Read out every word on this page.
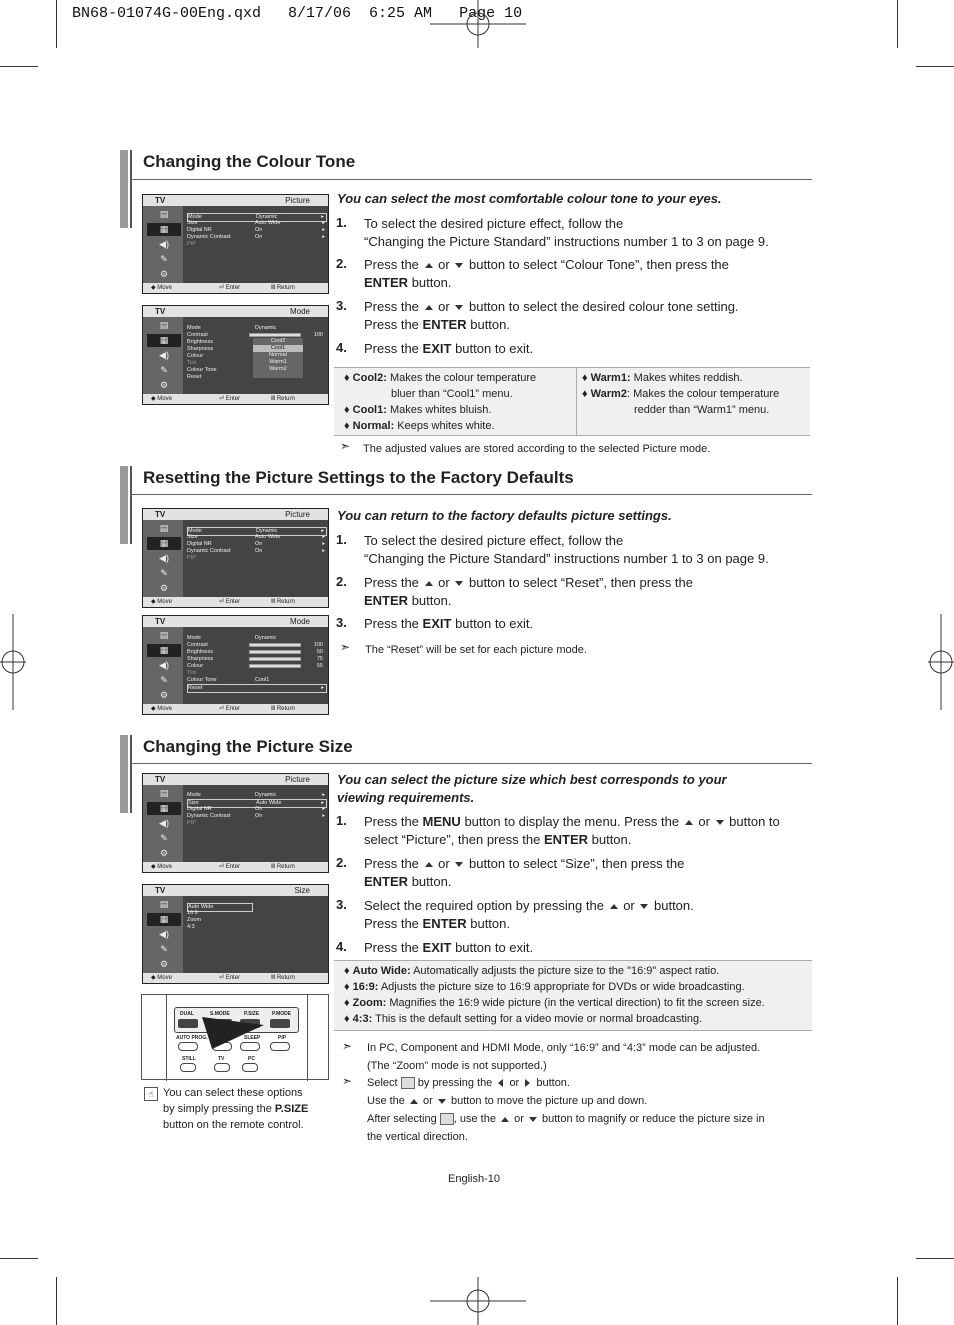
BN68-01074G-00Eng.qxd   8/17/06  6:25 AM   Page 10
Changing the Colour Tone
TV	Picture
▤
▦
◀)
✎
⚙
Mode	Dynamic	▸
Size	Auto Wide	▸
Digital NR	On	▸
Dynamic Contrast	On	▸
PIP
◆ Move	⏎ Enter	Ⅲ Return
TV	Mode
▤
▦
◀)
✎
⚙
Mode	Dynamic
Contrast	100
Brightness
Sharpness
Colour
Tint
Colour Tone
Reset
Cool2
Cool1
Normal
Warm1
Warm2
◆ Move	⏎ Enter	Ⅲ Return
You can select the most comfortable colour tone to your eyes.
1. To select the desired picture effect, follow the
“Changing the Picture Standard” instructions number 1 to 3 on page 9.
2. Press the or button to select “Colour Tone”, then press the
ENTER button.
3. Press the or button to select the desired colour tone setting.
Press the ENTER button.
4. Press the EXIT button to exit.
♦ Cool2: Makes the colour temperature
bluer than “Cool1” menu.
♦ Cool1: Makes whites bluish.
♦ Normal: Keeps whites white.
♦ Warm1: Makes whites reddish.
♦ Warm2: Makes the colour temperature
redder than “Warm1” menu.
➣ The adjusted values are stored according to the selected Picture mode.
Resetting the Picture Settings to the Factory Defaults
TV	Picture
▤
▦
◀)
✎
⚙
Mode	Dynamic	▸
Size	Auto Wide	▸
Digital NR	On	▸
Dynamic Contrast	On	▸
PIP
◆ Move	⏎ Enter	Ⅲ Return
TV	Mode
▤
▦
◀)
✎
⚙
Mode	Dynamic
Contrast	100
Brightness	50
Sharpness	75
Colour	55
Tint
Colour Tone	Cool1
Reset	▸
◆ Move	⏎ Enter	Ⅲ Return
You can return to the factory defaults picture settings.
1. To select the desired picture effect, follow the
“Changing the Picture Standard” instructions number 1 to 3 on page 9.
2. Press the or button to select “Reset”, then press the
ENTER button.
3. Press the EXIT button to exit.
➣ The “Reset” will be set for each picture mode.
Changing the Picture Size
TV	Picture
▤
▦
◀)
✎
⚙
Mode	Dynamic	▸
Size	Auto Wide	▸
Digital NR	On	▸
Dynamic Contrast	On	▸
PIP
◆ Move	⏎ Enter	Ⅲ Return
TV	Size
▤
▦
◀)
✎
⚙
Auto Wide
16:9
Zoom
4:3
◆ Move	⏎ Enter	Ⅲ Return
DUAL	S.MODE	P.SIZE	P.MODE
AUTO PROG.	SLEEP	PIP
STILL	TV	PC
☝ You can select these options
by simply pressing the P.SIZE
button on the remote control.
You can select the picture size which best corresponds to your
viewing requirements.
1. Press the MENU button to display the menu. Press the or button to
select “Picture”, then press the ENTER button.
2. Press the or button to select “Size”, then press the
ENTER button.
3. Select the required option by pressing the or button.
Press the ENTER button.
4. Press the EXIT button to exit.
♦ Auto Wide: Automatically adjusts the picture size to the "16:9" aspect ratio.
♦ 16:9: Adjusts the picture size to 16:9 appropriate for DVDs or wide broadcasting.
♦ Zoom: Magnifies the 16:9 wide picture (in the vertical direction) to fit the screen size.
♦ 4:3: This is the default setting for a video movie or normal broadcasting.
➣ In PC, Component and HDMI Mode, only “16:9” and “4:3” mode can be adjusted.
(The “Zoom” mode is not supported.)
➣ Select by pressing the or button.
Use the or button to move the picture up and down.
After selecting , use the or button to magnify or reduce the picture size in
the vertical direction.
English-10
